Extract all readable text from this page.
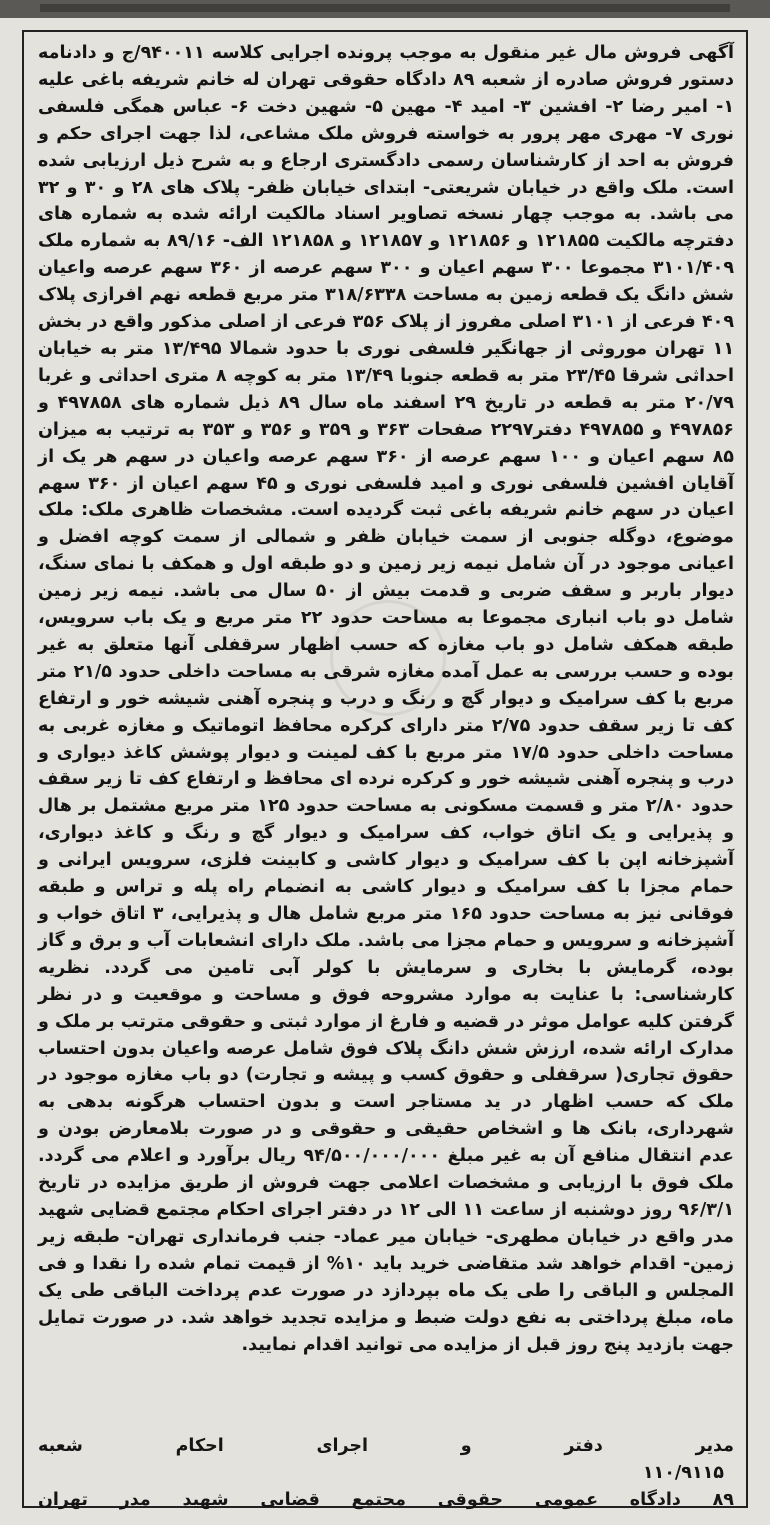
آگهی فروش مال غیر منقول به موجب پرونده اجرایی کلاسه ۹۴۰۰۱۱/ج و دادنامه دستور فروش صادره از شعبه ۸۹ دادگاه حقوقی تهران له خانم شریفه باغی علیه ۱- امیر رضا ۲- افشین ۳- امید ۴- مهین ۵- شهین دخت ۶- عباس همگی فلسفی نوری ۷- مهری مهر پرور به خواسته فروش ملک مشاعی، لذا جهت اجرای حکم و فروش به احد از کارشناسان رسمی دادگستری ارجاع و به شرح ذیل ارزیابی شده است. ملک واقع در خیابان شریعتی- ابتدای خیابان ظفر- پلاک های ۲۸ و ۳۰ و ۳۲ می باشد. به موجب چهار نسخه تصاویر اسناد مالکیت ارائه شده به شماره های دفترچه مالکیت ۱۲۱۸۵۵ و ۱۲۱۸۵۶ و ۱۲۱۸۵۷ و ۱۲۱۸۵۸ الف- ۸۹/۱۶ به شماره ملک ۳۱۰۱/۴۰۹ مجموعا ۳۰۰ سهم اعیان و ۳۰۰ سهم عرصه از ۳۶۰ سهم عرصه واعیان شش دانگ یک قطعه زمین به مساحت ۳۱۸/۶۳۳۸ متر مربع قطعه نهم افرازی پلاک ۴۰۹ فرعی از ۳۱۰۱ اصلی مفروز از پلاک ۳۵۶ فرعی از اصلی مذکور واقع در بخش ۱۱ تهران موروثی از جهانگیر فلسفی نوری با حدود شمالا ۱۳/۴۹۵ متر به خیابان احداثی شرقا ۲۳/۴۵ متر به قطعه جنوبا ۱۳/۴۹ متر به کوچه ۸ متری احداثی و غربا ۲۰/۷۹ متر به قطعه در تاریخ ۲۹ اسفند ماه سال ۸۹ ذیل شماره های ۴۹۷۸۵۸ و ۴۹۷۸۵۶ و ۴۹۷۸۵۵ دفتر۲۲۹۷ صفحات ۳۶۳ و ۳۵۹ و ۳۵۶ و ۳۵۳ به ترتیب به میزان ۸۵ سهم اعیان و ۱۰۰ سهم عرصه از ۳۶۰ سهم عرصه واعیان در سهم هر یک از آقایان افشین فلسفی نوری و امید فلسفی نوری و ۴۵ سهم اعیان از ۳۶۰ سهم اعیان در سهم خانم شریفه باغی ثبت گردیده است. مشخصات ظاهری ملک: ملک موضوع، دوگله جنوبی از سمت خیابان ظفر و شمالی از سمت کوچه افضل و اعیانی موجود در آن شامل نیمه زیر زمین و دو طبقه اول و همکف با نمای سنگ، دیوار باربر و سقف ضربی و قدمت بیش از ۵۰ سال می باشد. نیمه زیر زمین شامل دو باب انباری مجموعا به مساحت حدود ۲۲ متر مربع و یک باب سرویس، طبقه همکف شامل دو باب مغازه که حسب اظهار سرقفلی آنها متعلق به غیر بوده و حسب بررسی به عمل آمده مغازه شرقی به مساحت داخلی حدود ۲۱/۵ متر مربع با کف سرامیک و دیوار گچ و رنگ و درب و پنجره آهنی شیشه خور و ارتفاع کف تا زیر سقف حدود ۲/۷۵ متر دارای کرکره محافظ اتوماتیک و مغازه غربی به مساحت داخلی حدود ۱۷/۵ متر مربع با کف لمینت و دیوار پوشش کاغذ دیواری و درب و پنجره آهنی شیشه خور و کرکره نرده ای محافظ و ارتفاع کف تا زیر سقف حدود ۲/۸۰ متر و قسمت مسکونی به مساحت حدود ۱۲۵ متر مربع مشتمل بر هال و پذیرایی و یک اتاق خواب، کف سرامیک و دیوار گچ و رنگ و کاغذ دیواری، آشپزخانه اپن با کف سرامیک و دیوار کاشی و کابینت فلزی، سرویس ایرانی و حمام مجزا با کف سرامیک و دیوار کاشی به انضمام راه پله و تراس و طبقه فوقانی نیز به مساحت حدود ۱۶۵ متر مربع شامل هال و پذیرایی، ۳ اتاق خواب و آشپزخانه و سرویس و حمام مجزا می باشد. ملک دارای انشعابات آب و برق و گاز بوده، گرمایش با بخاری و سرمایش با کولر آبی تامین می گردد. نظریه کارشناسی: با عنایت به موارد مشروحه فوق و مساحت و موقعیت و در نظر گرفتن کلیه عوامل موثر در قضیه و فارغ از موارد ثبتی و حقوقی مترتب بر ملک و مدارک ارائه شده، ارزش شش دانگ پلاک فوق شامل عرصه واعیان بدون احتساب حقوق تجاری( سرقفلی و حقوق کسب و پیشه و تجارت) دو باب مغازه موجود در ملک که حسب اظهار در ید مستاجر است و بدون احتساب هرگونه بدهی به شهرداری، بانک ها و اشخاص حقیقی و حقوقی و در صورت بلامعارض بودن و عدم انتقال منافع آن به غیر مبلغ ۹۴/۵۰۰/۰۰۰/۰۰۰ ریال برآورد و اعلام می گردد. ملک فوق با ارزیابی و مشخصات اعلامی جهت فروش از طریق مزایده در تاریخ ۹۶/۳/۱ روز دوشنبه از ساعت ۱۱ الی ۱۲ در دفتر اجرای احکام مجتمع قضایی شهید مدر واقع در خیابان مطهری- خیابان میر عماد- جنب فرمانداری تهران- طبقه زیر زمین- اقدام خواهد شد متقاضی خرید باید ۱۰% از قیمت تمام شده را نقدا و فی المجلس و الباقی را طی یک ماه بپردازد در صورت عدم پرداخت الباقی طی یک ماه، مبلغ پرداختی به نفع دولت ضبط و مزایده تجدید خواهد شد. در صورت تمایل جهت بازدید پنج روز قبل از مزایده می توانید اقدام نمایید.

مدیر دفتر و اجرای احکام شعبه
۱۱۰/۹۱۱۵
۸۹ دادگاه عمومی حقوقی مجتمع قضایی شهید مدر تهران
